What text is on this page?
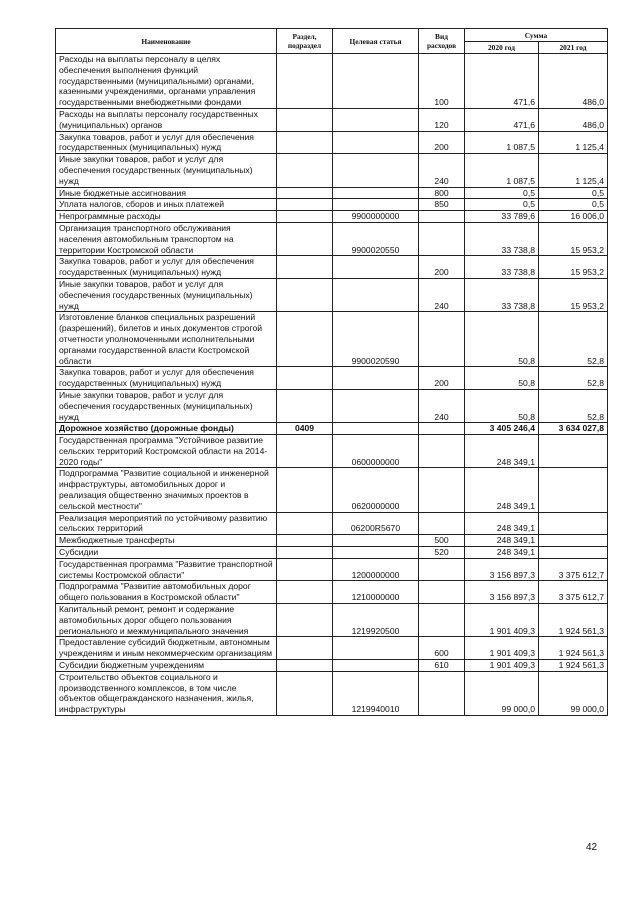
Наименование	Раздел, подраздел	Целевая статья	Вид расходов	Сумма	
				2020 год	2021 год
Расходы на выплаты персоналу в целях обеспечения выполнения функций государственными (муниципальными) органами, казенными учреждениями, органами управления государственными внебюджетными фондами			100	471,6	486,0
Расходы на выплаты персоналу государственных (муниципальных) органов			120	471,6	486,0
Закупка товаров, работ и услуг для обеспечения государственных (муниципальных) нужд			200	1 087,5	1 125,4
Иные закупки товаров, работ и услуг для обеспечения государственных (муниципальных) нужд			240	1 087,5	1 125,4
Иные бюджетные ассигнования			800	0,5	0,5
Уплата налогов, сборов и иных платежей			850	0,5	0,5
Непрограммные расходы		9900000000		33 789,6	16 006,0
Организация транспортного обслуживания населения автомобильным транспортом на территории Костромской области		9900020550		33 738,8	15 953,2
Закупка товаров, работ и услуг для обеспечения государственных (муниципальных) нужд			200	33 738,8	15 953,2
Иные закупки товаров, работ и услуг для обеспечения государственных (муниципальных) нужд			240	33 738,8	15 953,2
Изготовление бланков специальных разрешений (разрешений), билетов и иных документов строгой отчетности уполномоченными исполнительными органами государственной власти Костромской области		9900020590		50,8	52,8
Закупка товаров, работ и услуг для обеспечения государственных (муниципальных) нужд			200	50,8	52,8
Иные закупки товаров, работ и услуг для обеспечения государственных (муниципальных) нужд			240	50,8	52,8
Дорожное хозяйство (дорожные фонды)	0409			3 405 246,4	3 634 027,8
Государственная программа "Устойчивое развитие сельских территорий Костромской области на 2014-2020 годы"		0600000000		248 349,1	
Подпрограмма "Развитие социальной и инженерной инфраструктуры, автомобильных дорог и реализация общественно значимых проектов в сельской местности"		0620000000		248 349,1	
Реализация мероприятий по устойчивому развитию сельских территорий		06200R5670		248 349,1	
Межбюджетные трансферты			500	248 349,1	
Субсидии			520	248 349,1	
Государственная программа "Развитие транспортной системы Костромской области"		1200000000		3 156 897,3	3 375 612,7
Подпрограмма "Развитие автомобильных дорог общего пользования в Костромской области"		1210000000		3 156 897,3	3 375 612,7
Капитальный ремонт, ремонт и содержание автомобильных дорог общего пользования регионального и межмуниципального значения		1219920500		1 901 409,3	1 924 561,3
Предоставление субсидий бюджетным, автономным учреждениям и иным некоммерческим организациям			600	1 901 409,3	1 924 561,3
Субсидии бюджетным учреждениям			610	1 901 409,3	1 924 561,3
Строительство объектов социального и производственного комплексов, в том числе объектов общегражданского назначения, жилья, инфраструктуры		1219940010		99 000,0	99 000,0
42
